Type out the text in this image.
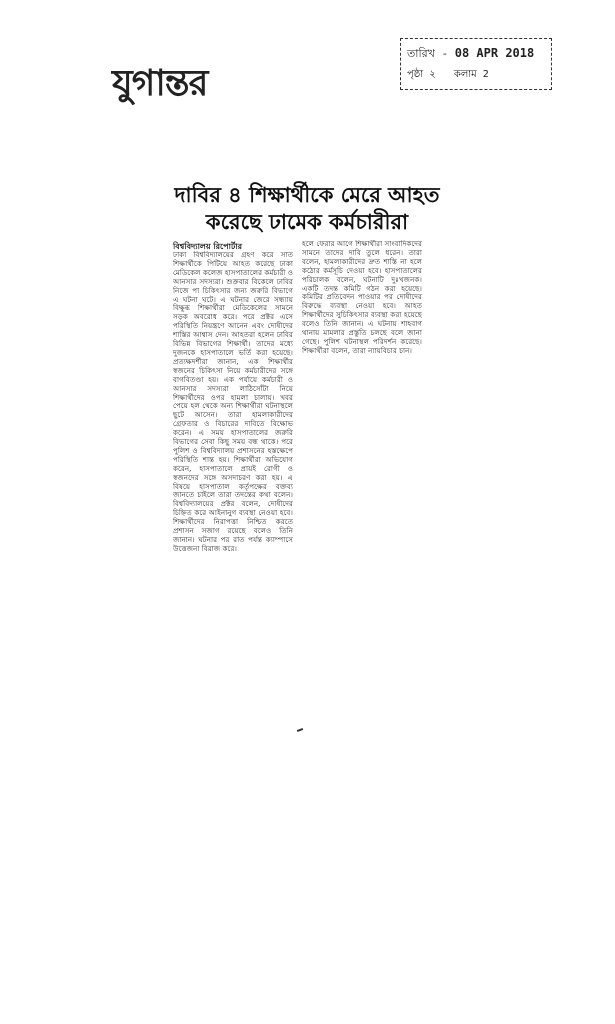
যুগান্তর
তারিখ - 08 APR 2018
পৃষ্ঠা ২ কলাম 2
দাবির ৪ শিক্ষার্থীকে মেরে আহত
করেছে ঢামেক কর্মচারীরা
বিশ্ববিদ্যালয় রিপোর্টার

ঢাকা বিশ্ববিদ্যালয়ের গ্রহণ করে সাত শিক্ষার্থীকে পিটিয়ে আহত করেছে ঢাকা মেডিকেল কলেজ হাসপাতালের কর্মচারী ও আনসার সদস্যরা। শুক্রবার বিকেলে ঢাবির নিজে পা চিকিৎসার জন্য জরুরি বিভাগে এ ঘটনা ঘটে। এ ঘটনার জেরে সন্ধ্যায় বিক্ষুব্ধ শিক্ষার্থীরা মেডিকেলের সামনে সড়ক অবরোধ করে। পরে প্রক্টর এসে পরিস্থিতি নিয়ন্ত্রণে আনেন এবং দোষীদের শাস্তির আশ্বাস দেন। আহতরা হলেন ঢাবির বিভিন্ন বিভাগের শিক্ষার্থী। তাদের মধ্যে দুজনকে হাসপাতালে ভর্তি করা হয়েছে। প্রত্যক্ষদর্শীরা জানান, এক শিক্ষার্থীর স্বজনের চিকিৎসা নিয়ে কর্মচারীদের সঙ্গে বাগবিতণ্ডা হয়। এক পর্যায়ে কর্মচারী ও আনসার সদস্যরা লাঠিসোঁটা নিয়ে শিক্ষার্থীদের ওপর হামলা চালায়। খবর পেয়ে হল থেকে অন্য শিক্ষার্থীরা ঘটনাস্থলে ছুটে আসেন। তারা হামলাকারীদের গ্রেফতার ও বিচারের দাবিতে বিক্ষোভ করেন। এ সময় হাসপাতালের জরুরি বিভাগের সেবা কিছু সময় বন্ধ থাকে। পরে পুলিশ ও বিশ্ববিদ্যালয় প্রশাসনের হস্তক্ষেপে পরিস্থিতি শান্ত হয়। শিক্ষার্থীরা অভিযোগ করেন, হাসপাতালে প্রায়ই রোগী ও স্বজনদের সঙ্গে অসদাচরণ করা হয়। এ বিষয়ে হাসপাতাল কর্তৃপক্ষের বক্তব্য জানতে চাইলে তারা তদন্তের কথা বলেন। বিশ্ববিদ্যালয়ের প্রক্টর বলেন, দোষীদের চিহ্নিত করে আইনানুগ ব্যবস্থা নেওয়া হবে। শিক্ষার্থীদের নিরাপত্তা নিশ্চিত করতে প্রশাসন সজাগ রয়েছে বলেও তিনি জানান। ঘটনার পর রাত পর্যন্ত ক্যাম্পাসে উত্তেজনা বিরাজ করে।

হলে ফেরার আগে শিক্ষার্থীরা সাংবাদিকদের সামনে তাদের দাবি তুলে ধরেন। তারা বলেন, হামলাকারীদের দ্রুত শাস্তি না হলে কঠোর কর্মসূচি দেওয়া হবে। হাসপাতালের পরিচালক বলেন, ঘটনাটি দুঃখজনক। একটি তদন্ত কমিটি গঠন করা হয়েছে। কমিটির প্রতিবেদন পাওয়ার পর দোষীদের বিরুদ্ধে ব্যবস্থা নেওয়া হবে। আহত শিক্ষার্থীদের সুচিকিৎসার ব্যবস্থা করা হয়েছে বলেও তিনি জানান। এ ঘটনায় শাহবাগ থানায় মামলার প্রস্তুতি চলছে বলে জানা গেছে। পুলিশ ঘটনাস্থল পরিদর্শন করেছে। শিক্ষার্থীরা বলেন, তারা ন্যায়বিচার চান।
